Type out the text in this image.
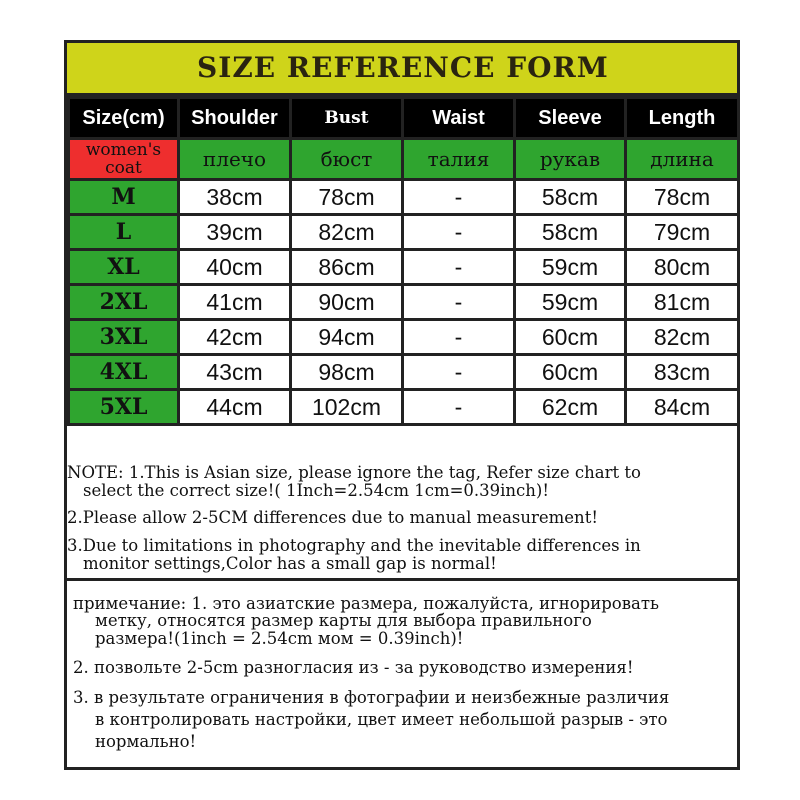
SIZE REFERENCE FORM
Size(cm)	Shoulder	Bust	Waist	Sleeve	Length
women's coat	плечо	бюст	талия	рукав	длина
M	38cm	78cm	-	58cm	78cm
L	39cm	82cm	-	58cm	79cm
XL	40cm	86cm	-	59cm	80cm
2XL	41cm	90cm	-	59cm	81cm
3XL	42cm	94cm	-	60cm	82cm
4XL	43cm	98cm	-	60cm	83cm
5XL	44cm	102cm	-	62cm	84cm

NOTE: 1.This is Asian size, please ignore the tag, Refer size chart to

select the correct size!( 1Inch=2.54cm 1cm=0.39inch)!

2.Please allow 2-5CM differences due to manual measurement!

3.Due to limitations in photography and the inevitable differences in

monitor settings,Color has a small gap is normal!

примечание: 1. это азиатские размера, пожалуйста, игнорировать

метку, относятся размер карты для выбора правильного

размера!(1inch = 2.54cm мом = 0.39inch)!

2. позвольте 2-5cm разногласия из - за руководство измерения!

3. в результате ограничения в фотографии и неизбежные различия

в контролировать настройки, цвет имеет небольшой разрыв - это

нормально!
